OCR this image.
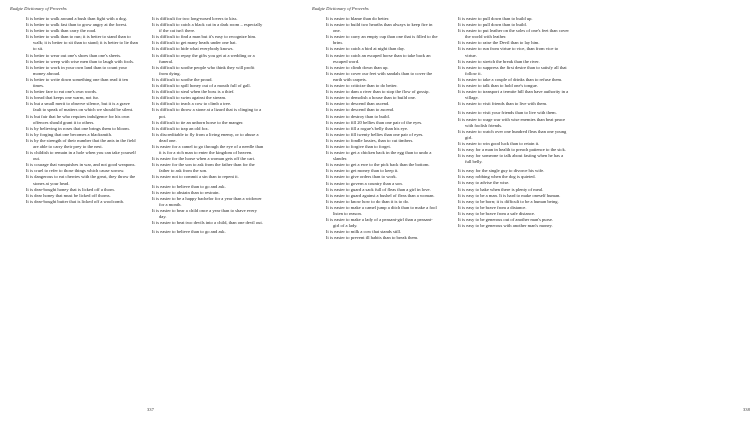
Rudgie Dictionary of Proverbs

It is better to walk around a bush than fight with a dog.

It is better to walk fast than to grow angry at the forest.

It is better to walk than carry the road.

It is better to walk than to run; it is better to stand than to walk; it is better to sit than to stand; it is better to lie than to sit.

It is better to wear out one's shoes than one's sheets.

It is better to weep with wise men than to laugh with fools.

It is better to work in your own land than to count your money abroad.

It is better to write down something one than read it ten times.

It is better fare to eat one's own words.

It is bread that keeps one warm, not fur.

It is but a small merit to observe silence, but it is a grave fault to speak of matters on which we should be silent.

It is but fair that he who requires indulgence for his own offences should grant it to others.

It is by believing in roses that one brings them to bloom.

It is by forging that one becomes a blacksmith.

It is by the strength of their number that the ants in the field are able to carry their prey to the nest.

It is childish to remain in a hole when you can take yourself out.

It is courage that vanquishes in war, and not good weapons.

It is cruel to refer to those things which cause sorrow.

It is dangerous to eat cherries with the great, they throw the stones at your head.

It is dear-bought honey that is licked off a thorn.

It is dear honey that must be licked off thorns.

It is dear-bought butter that is licked off a woolcomb.

It is difficult for two long-nosed lovers to kiss.

It is difficult to catch a black cat in a dark room – especially if the cat isn't there.

It is difficult to find a man but it's easy to recognize him.

It is difficult to get many heads under one hat.

It is difficult to hide what everybody knows.

It is difficult to repay the gifts you get at a wedding or a funeral.

It is difficult to soothe people who think they will profit from dying.

It is difficult to soothe the proud.

It is difficult to spill honey out of a mouth full of gall.

It is difficult to steal when the boss is a thief.

It is difficult to swim against the stream.

It is difficult to teach a cow to climb a tree.

It is difficult to throw a stone at a lizard that is clinging to a pot.

It is difficult to tie an unborn horse to the manger.

It is difficult to trap an old fox.

It is discreditable to fly from a living enemy, or to abuse a dead one.

It is easier for a camel to go through the eye of a needle than it is for a rich man to enter the kingdom of heaven.

It is easier for the horse when a woman gets off the cart.

It is easier for the son to ask from the father than for the father to ask from the son.

It is easier not to commit a sin than to repent it.

It is easier to believe than to go and ask.

It is easier to abstain than to restrain.

It is easier to be a happy bachelor for a year than a widower for a month.

It is easier to bear a child once a year than to shave every day.

It is easier to beat two devils into a child, than one devil out.

It is easier to believe than to go and ask.

337
Rudgie Dictionary of Proverbs

It is easier to blame than do better.

It is easier to build two hearths than always to keep fire in one.

It is easier to carry an empty cup than one that is filled to the brim.

It is easier to catch a bird at night than day.

It is easier to catch an escaped horse than to take back an escaped word.

It is easier to climb down than up.

It is easier to cover our feet with sandals than to cover the earth with carpets.

It is easier to criticize than to do better.

It is easier to dam a river than to stop the flow of gossip.

It is easier to demolish a house than to build one.

It is easier to descend than ascend.

It is easier to descend than to ascend.

It is easier to destroy than to build.

It is easier to fill 20 bellies than one pair of the eyes.

It is easier to fill a rogue's belly than his eye.

It is easier to fill twenty bellies than one pair of eyes.

It is easier to fondle lassies, than to cut timbers.

It is easier to forgive than to forget.

It is easier to get a chicken back in the egg than to undo a slander.

It is easier to get a ewe to the pick back than the bottom.

It is easier to get money than to keep it.

It is easier to give orders than to work.

It is easier to govern a country than a son.

It is easier to guard a sack full of fleas than a girl in love.

It is easier to guard against a bushel of fleas than a woman.

It is easier to know how to do than it is to do.

It is easier to make a camel jump a ditch than to make a fool listen to reason.

It is easier to make a lady of a peasant-girl than a peasant-girl of a lady.

It is easier to milk a cow that stands still.

It is easier to prevent ill habits than to break them.

It is easier to pull down than to build up.

It is easier to pull down than to build.

It is easier to put leather on the soles of one's feet than cover the world with leather.

It is easier to raise the Devil than to lay him.

It is easier to run from virtue to vice, than from vice to virtue.

It is easier to stretch the break than the river.

It is easier to suppress the first desire than to satisfy all that follow it.

It is easier to take a couple of drinks than to refuse them.

It is easier to talk than to hold one's tongue.

It is easier to transport a termite hill than have authority in a village.

It is easier to visit friends than to live with them.

It is easier to visit your friends than to live with them.

It is easier to wage war with wise enemies than beat peace with foolish friends.

It is easier to watch over one hundred fleas than one young girl.

It is easier to win good luck than to retain it.

It is easy for a man in health to preach patience to the sick.

It is easy for someone to talk about fasting when he has a full belly.

It is easy for the single guy to divorce his wife.

It is easy robbing when the dog is quieted.

It is easy to advise the wise.

It is easy to bake when there is plenty of meal.

It is easy to be a man. It is hard to make oneself human.

It is easy to be born; it is difficult to be a human being.

It is easy to be brave from a distance.

It is easy to be brave from a safe distance.

It is easy to be generous out of another man's purse.

It is easy to be generous with another man's money.

338
